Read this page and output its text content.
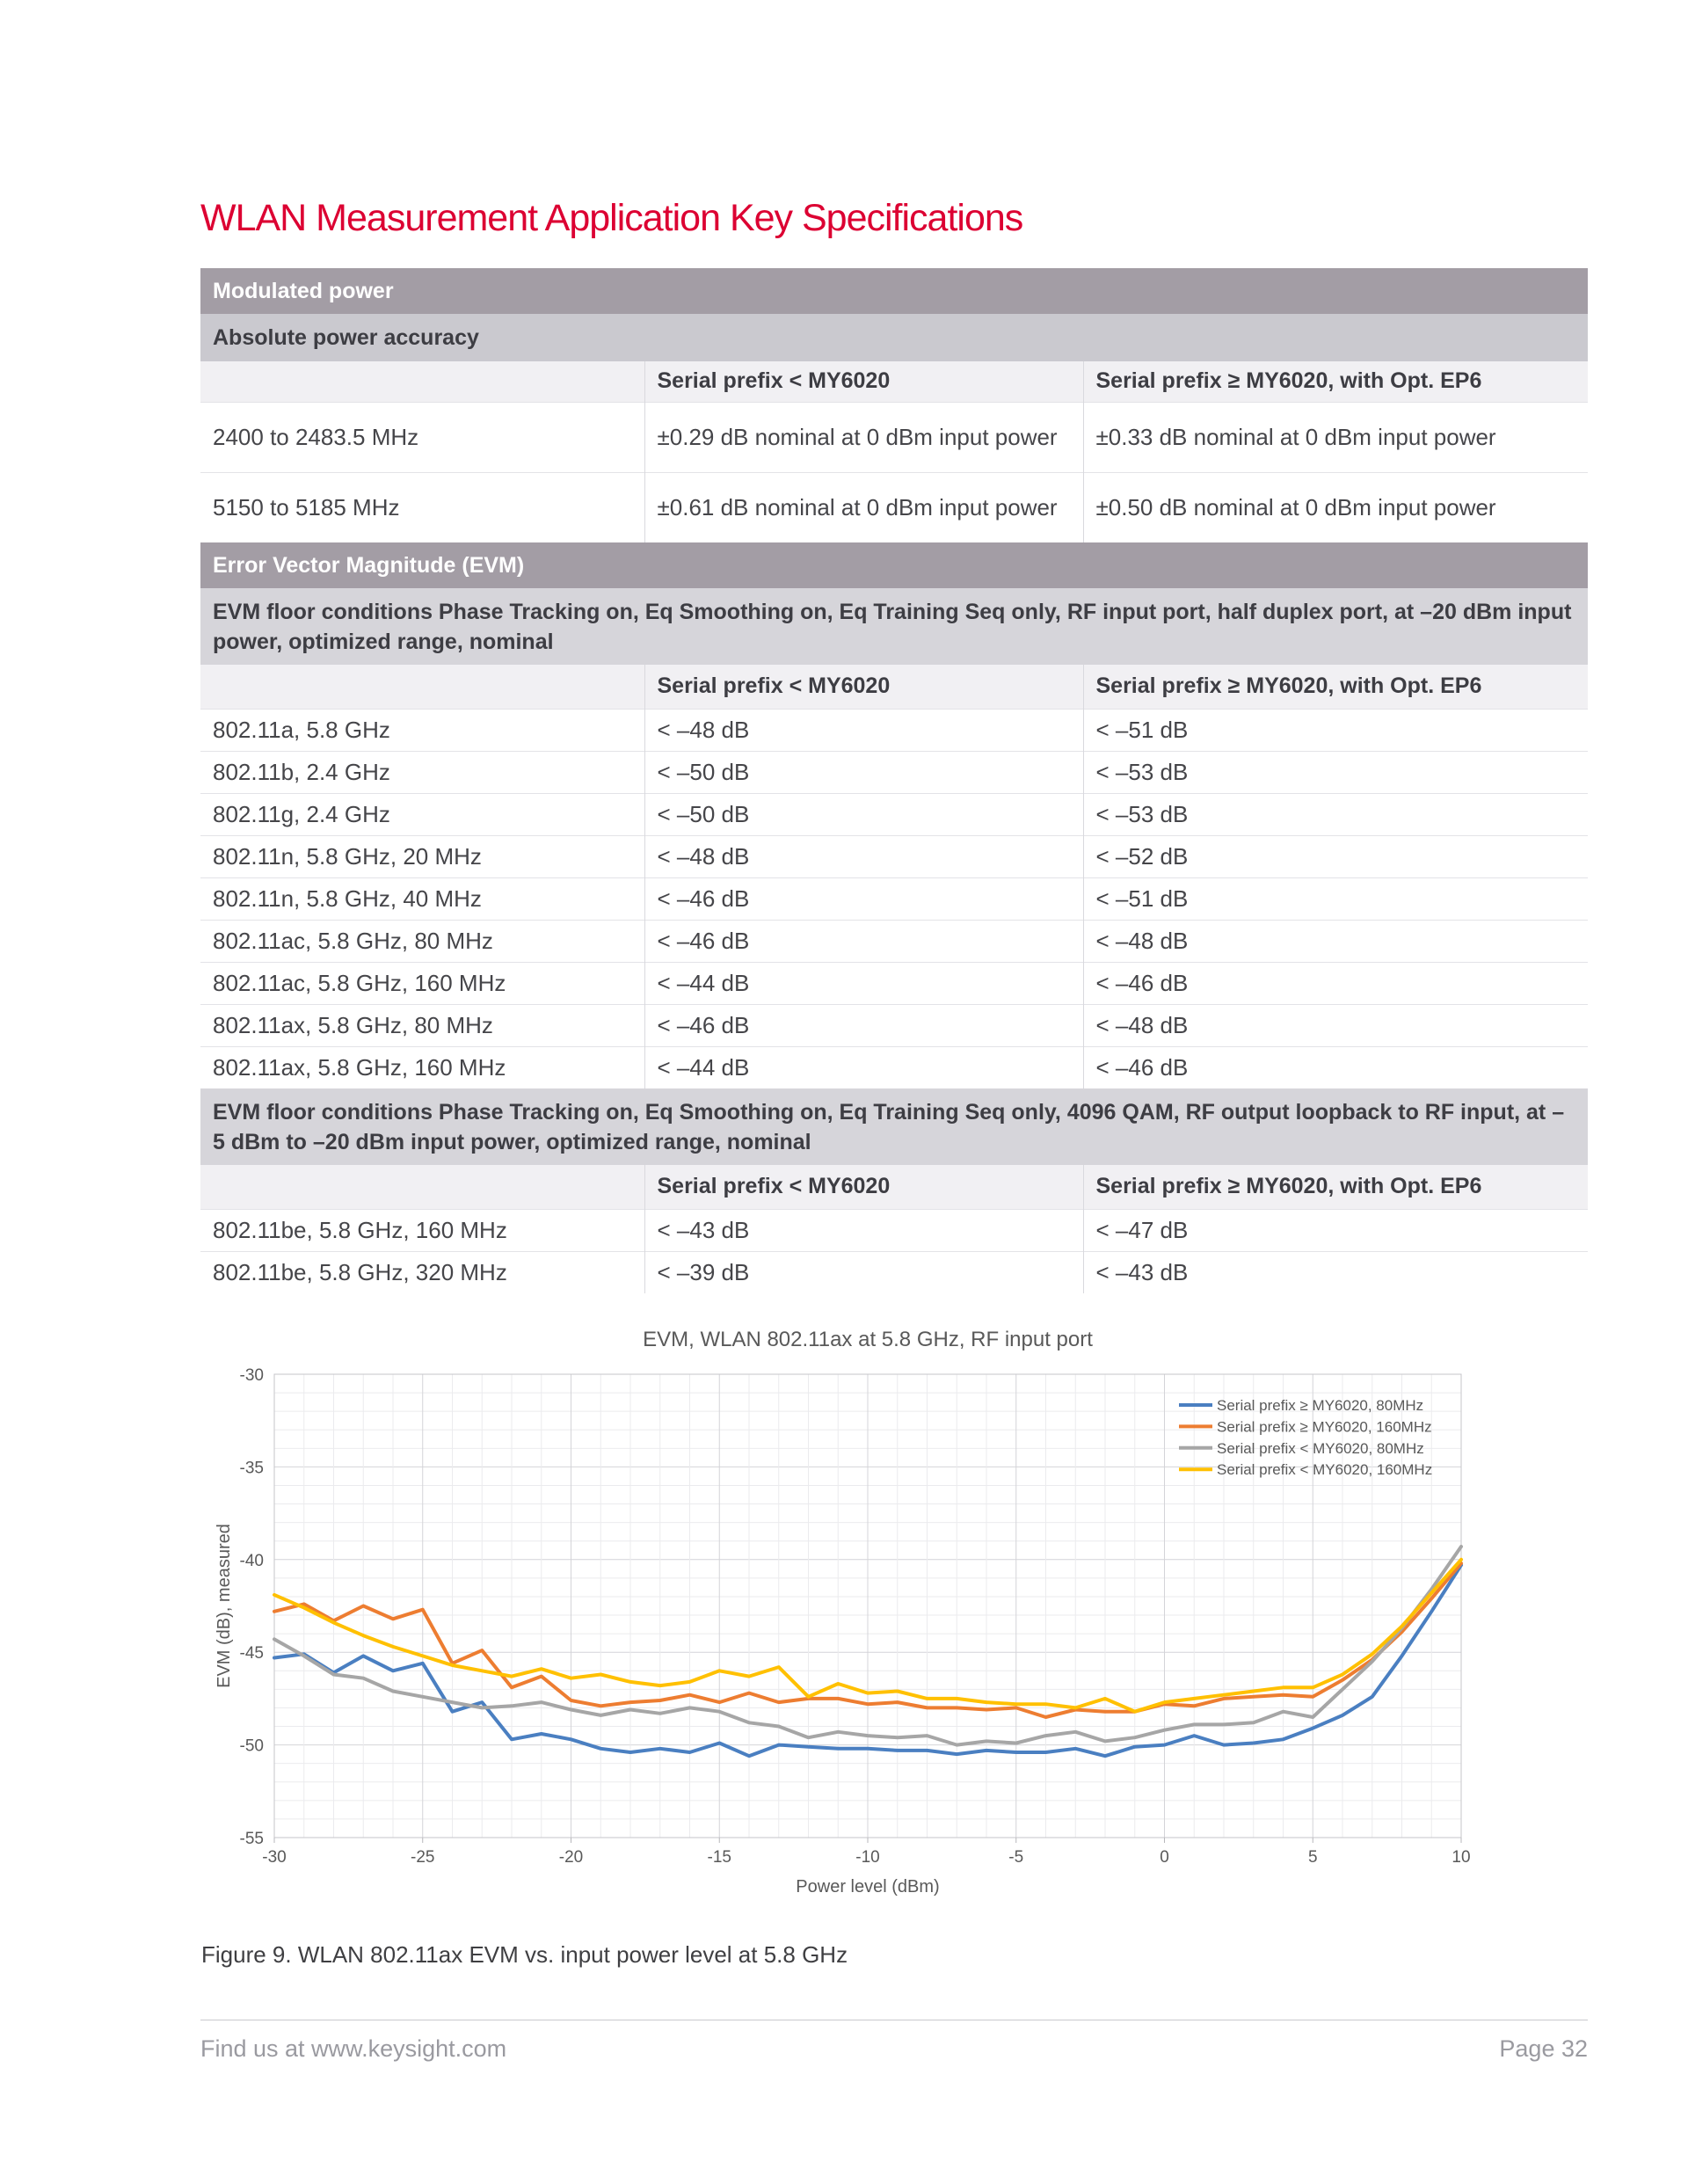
WLAN Measurement Application Key Specifications
Modulated power		
Absolute power accuracy		
	Serial prefix < MY6020	Serial prefix ≥ MY6020, with Opt. EP6
2400 to 2483.5 MHz	±0.29 dB nominal at 0 dBm input power	±0.33 dB nominal at 0 dBm input power
5150 to 5185 MHz	±0.61 dB nominal at 0 dBm input power	±0.50 dB nominal at 0 dBm input power
Error Vector Magnitude (EVM)		
EVM floor conditions Phase Tracking on, Eq Smoothing on, Eq Training Seq only, RF input port, half duplex port, at –20 dBm input power, optimized range, nominal		
	Serial prefix < MY6020	Serial prefix ≥ MY6020, with Opt. EP6
802.11a, 5.8 GHz	< –48 dB	< –51 dB
802.11b, 2.4 GHz	< –50 dB	< –53 dB
802.11g, 2.4 GHz	< –50 dB	< –53 dB
802.11n, 5.8 GHz, 20 MHz	< –48 dB	< –52 dB
802.11n, 5.8 GHz, 40 MHz	< –46 dB	< –51 dB
802.11ac, 5.8 GHz, 80 MHz	< –46 dB	< –48 dB
802.11ac, 5.8 GHz, 160 MHz	< –44 dB	< –46 dB
802.11ax, 5.8 GHz, 80 MHz	< –46 dB	< –48 dB
802.11ax, 5.8 GHz, 160 MHz	< –44 dB	< –46 dB
EVM floor conditions Phase Tracking on, Eq Smoothing on, Eq Training Seq only, 4096 QAM, RF output loopback to RF input, at –5 dBm to –20 dBm input power, optimized range, nominal		
	Serial prefix < MY6020	Serial prefix ≥ MY6020, with Opt. EP6
802.11be, 5.8 GHz, 160 MHz	< –43 dB	< –47 dB
802.11be, 5.8 GHz, 320 MHz	< –39 dB	< –43 dB
-30	-25	-20	-15	-10	-5	0	5	10
-30
-35
-40
-45
-50
-55
EVM, WLAN 802.11ax at 5.8 GHz, RF input port
Power level (dBm)
EVM (dB), measured
Serial prefix ≥ MY6020, 80MHz
Serial prefix ≥ MY6020, 160MHz
Serial prefix < MY6020, 80MHz
Serial prefix < MY6020, 160MHz
Figure 9. WLAN 802.11ax EVM vs. input power level at 5.8 GHz
Find us at www.keysight.com	Page 32
